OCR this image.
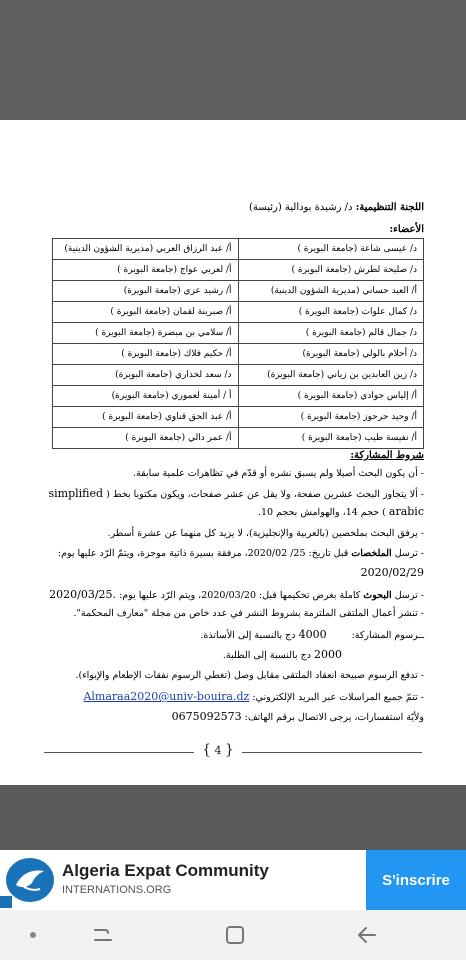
اللجنة التنظيمية: د/ رشيدة بودالية (رئيسة)
الأعضاء:
د/ عيسى شاعة (جامعة البويرة )	أ/ عبد الرزاق العربي (مديرية الشؤون الدينية)
د/ صليحة لطرش (جامعة البويرة )	أ/ لعربي عواج (جامعة البويرة )
أ/ العيد حساني (مديرية الشؤون الدينية)	أ/ رشيد عزي (جامعة البويرة)
د/ كمال علوات (جامعة البويرة )	أ/ صبرينة لقمان (جامعة البويرة )
د/ جمال قالم (جامعة البويرة )	أ/ سلامي بن مبصرة (جامعة البويرة )
د/ أحلام بالولي (جامعة البويرة)	أ/ حكيم فلاك (جامعة البويرة )
د/ زين العابدين بن زياني (جامعة البويرة)	د/ سعد لخذاري (جامعة البويرة)
أ/ إلياس جوادي (جامعة البويرة )	أ / أمينة لعموري (جامعة البويرة)
أ/ وحيد حرحوز (جامعة البويرة )	أ/ عبد الحق قناوي (جامعة البويرة )
أ/ نفيسة طيب (جامعة البويرة )	أ/ عمر دالي (جامعة البويرة )
شروط المشاركة:
- أن يكون البحث أصيلا ولم يسبق نشره أو قدّم في تظاهرات علمية سابقة.
- ألا يتجاوز البحث عشرين صفحة، ولا يقل عن عشر صفحات، ويكون مكتوبا بخط ( simplified
arabic ) حجم 14، والهوامش بحجم 10.
- يرفق البحث بملخصين (بالعربية والإنجليزية)، لا يزيد كل منهما عن عشرة أسطر.
- ترسل الملخصات قبل تاريخ: 25/ 2020/02، مرفقة بسيرة ذاتية موجزة، ويتمّ الرّد عليها يوم:
2020/02/29
- ترسل البحوث كاملة بغرض تحكيمها قبل: 2020/03/20، ويتم الرّد عليها يوم: 2020/03/25.
- تنشر أعمال الملتقى الملتزمة بشروط النشر في عدد خاص من مجلة "معارف المحكمة".
ــرسوم المشاركة: 4000 دج بالنسبة إلى الأساتذة.
2000 دج بالنسبة إلى الطلبة.
- تدفع الرسوم صبيحة انعقاد الملتقى مقابل وصل (تغطي الرسوم نفقات الإطعام والإيواء).
- تتمّ جميع المراسلات عبر البريد الإلكتروني: Almaraa2020@univ-bouira.dz
ولأيّة استفسارات، يرجى الاتصال برقم الهاتف: 0675092573
{ 4 }
Algeria Expat Community
INTERNATIONS.ORG
S'inscrire
